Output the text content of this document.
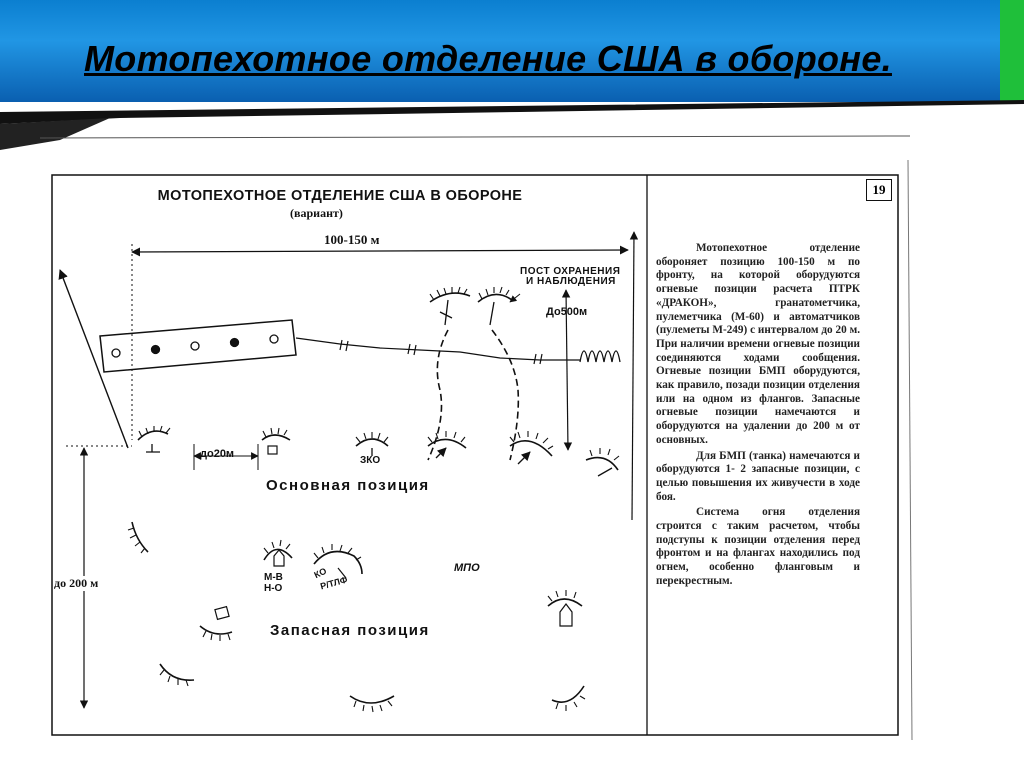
Мотопехотное отделение США в обороне.
МОТОПЕХОТНОЕ ОТДЕЛЕНИЕ США В ОБОРОНЕ
(вариант)
19
100-150 м
ПОСТ ОХРАНЕНИЯ
И НАБЛЮДЕНИЯ
До500м
до20м
ЗКО
Основная позиция
до 200 м	М-В
Н-О
КО
Р/ТЛФ
МПО
Запасная позиция

Мотопехотное отделение обороняет позицию 100-150 м по фронту, на которой оборудуются огневые позиции расчета ПТРК «ДРАКОН», гранатометчика, пулеметчика (М-60) и автоматчиков (пулеметы М-249) с интервалом до 20 м. При наличии времени огневые позиции соединяются ходами сообщения. Огневые позиции БМП оборудуются, как правило, позади позиции отделения или на одном из флангов. Запасные огневые позиции намечаются и оборудуются на удалении до 200 м от основных.

Для БМП (танка) намечаются и оборудуются 1- 2 запасные позиции, с целью повышения их живучести в ходе боя.

Система огня отделения строится с таким расчетом, чтобы подступы к позиции отделения перед фронтом и на флангах находились под огнем, особенно фланговым и перекрестным.
